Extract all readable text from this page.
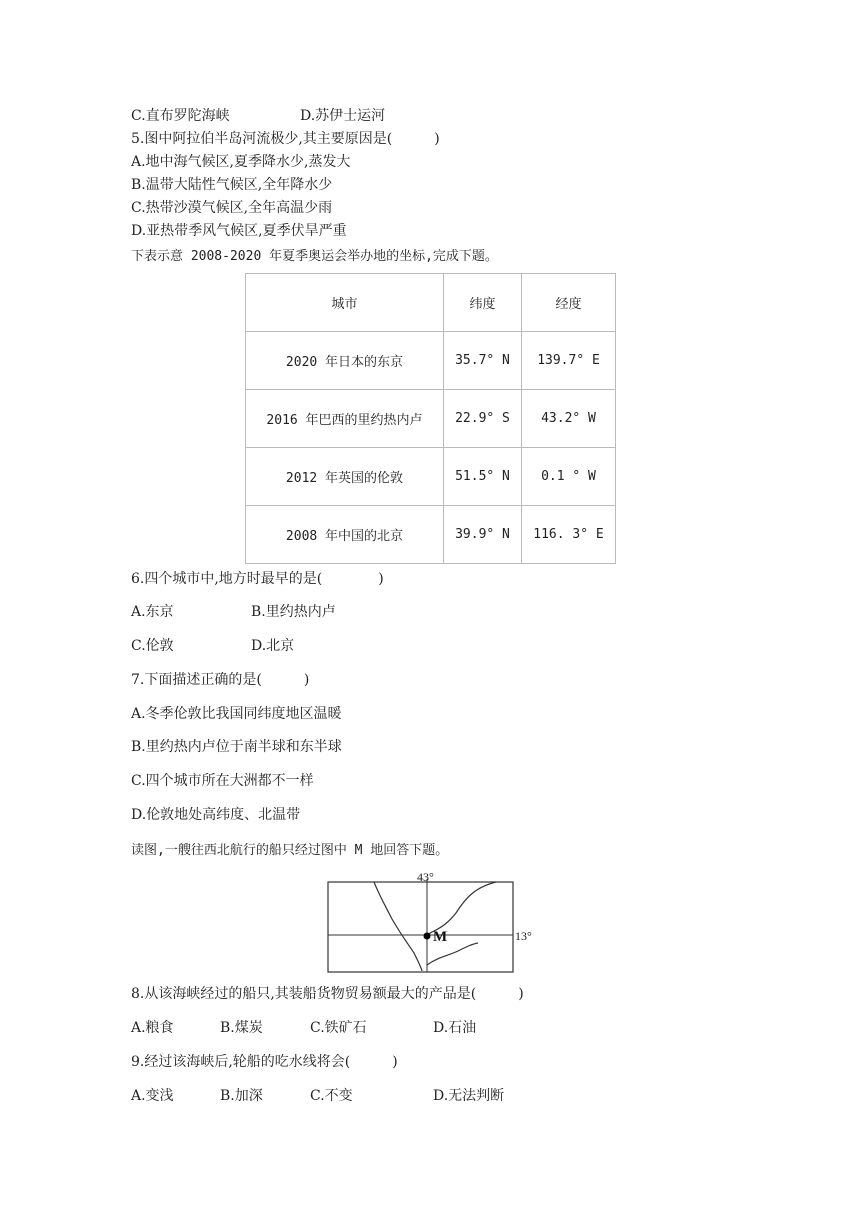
C.直布罗陀海峡	D.苏伊士运河
5.图中阿拉伯半岛河流极少,其主要原因是(　　　)
A.地中海气候区,夏季降水少,蒸发大
B.温带大陆性气候区,全年降水少
C.热带沙漠气候区,全年高温少雨
D.亚热带季风气候区,夏季伏旱严重
下表示意 2008-2020 年夏季奥运会举办地的坐标,完成下题。
城市	纬度	经度
2020 年日本的东京	35.7° N	139.7° E
2016 年巴西的里约热内卢	22.9° S	43.2° W
2012 年英国的伦敦	51.5° N	0.1 ° W
2008 年中国的北京	39.9° N	116. 3° E
6.四个城市中,地方时最早的是(　　　　)
A.东京	B.里约热内卢
C.伦敦	D.北京
7.下面描述正确的是(　　　)
A.冬季伦敦比我国同纬度地区温暖
B.里约热内卢位于南半球和东半球
C.四个城市所在大洲都不一样
D.伦敦地处高纬度、北温带
读图,一艘往西北航行的船只经过图中 M 地回答下题。
43°
13°
M
8.从该海峡经过的船只,其装船货物贸易额最大的产品是(　　　)
A.粮食	B.煤炭	C.铁矿石	D.石油
9.经过该海峡后,轮船的吃水线将会(　　　)
A.变浅	B.加深	C.不变	D.无法判断
